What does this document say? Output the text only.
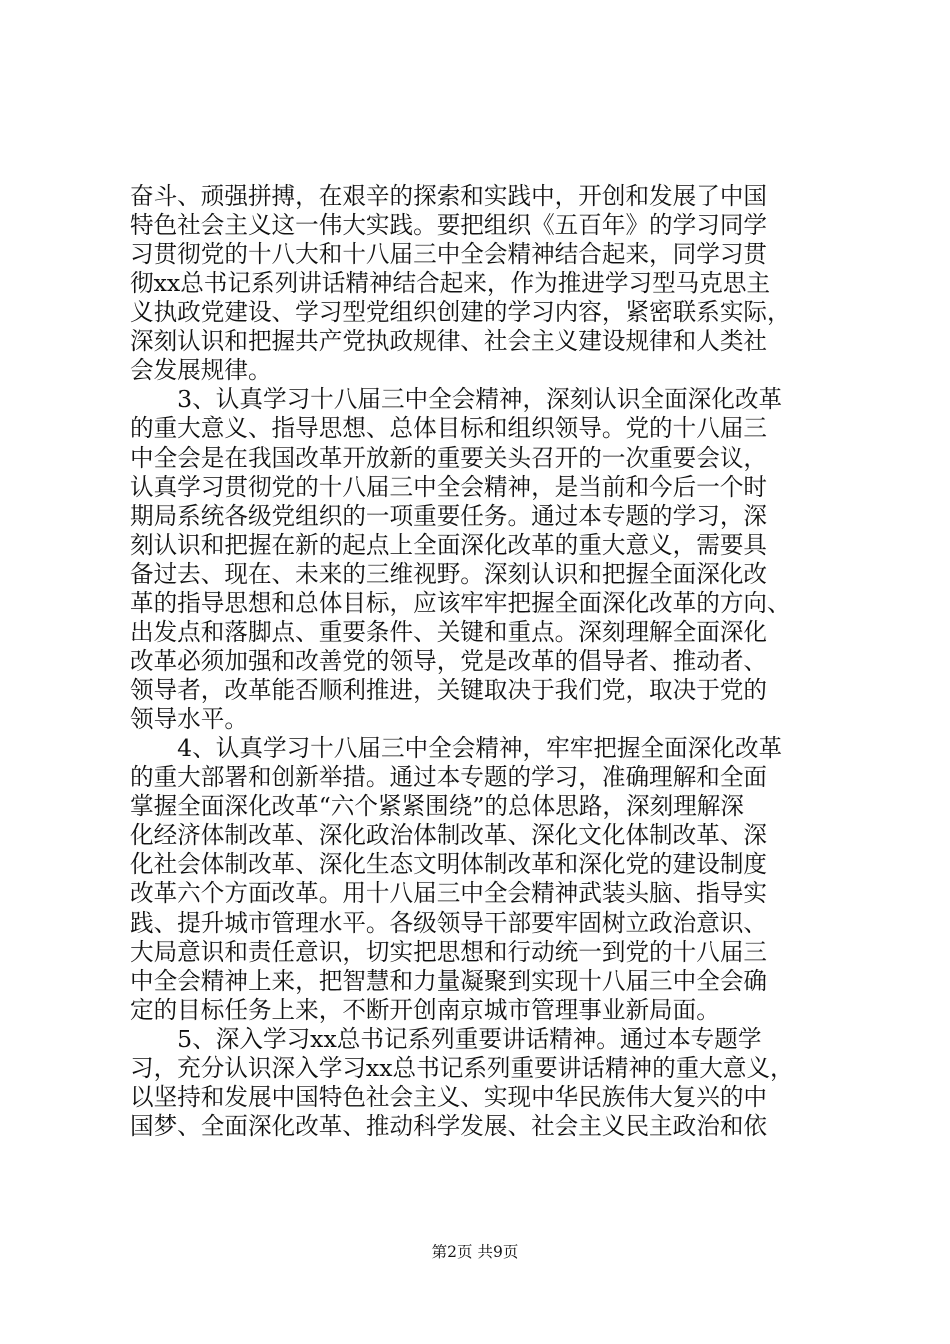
奋斗、顽强拼搏，在艰辛的探索和实践中，开创和发展了中国
特色社会主义这一伟大实践。要把组织《五百年》的学习同学
习贯彻党的十八大和十八届三中全会精神结合起来，同学习贯
彻xx总书记系列讲话精神结合起来，作为推进学习型马克思主
义执政党建设、学习型党组织创建的学习内容，紧密联系实际，
深刻认识和把握共产党执政规律、社会主义建设规律和人类社
会发展规律。
　　3、认真学习十八届三中全会精神，深刻认识全面深化改革
的重大意义、指导思想、总体目标和组织领导。党的十八届三
中全会是在我国改革开放新的重要关头召开的一次重要会议，
认真学习贯彻党的十八届三中全会精神，是当前和今后一个时
期局系统各级党组织的一项重要任务。通过本专题的学习，深
刻认识和把握在新的起点上全面深化改革的重大意义，需要具
备过去、现在、未来的三维视野。深刻认识和把握全面深化改
革的指导思想和总体目标，应该牢牢把握全面深化改革的方向、
出发点和落脚点、重要条件、关键和重点。深刻理解全面深化
改革必须加强和改善党的领导，党是改革的倡导者、推动者、
领导者，改革能否顺利推进，关键取决于我们党，取决于党的
领导水平。
　　4、认真学习十八届三中全会精神，牢牢把握全面深化改革
的重大部署和创新举措。通过本专题的学习，准确理解和全面
掌握全面深化改革“六个紧紧围绕”的总体思路，深刻理解深
化经济体制改革、深化政治体制改革、深化文化体制改革、深
化社会体制改革、深化生态文明体制改革和深化党的建设制度
改革六个方面改革。用十八届三中全会精神武装头脑、指导实
践、提升城市管理水平。各级领导干部要牢固树立政治意识、
大局意识和责任意识，切实把思想和行动统一到党的十八届三
中全会精神上来，把智慧和力量凝聚到实现十八届三中全会确
定的目标任务上来，不断开创南京城市管理事业新局面。
　　5、深入学习xx总书记系列重要讲话精神。通过本专题学
习，充分认识深入学习xx总书记系列重要讲话精神的重大意义，
以坚持和发展中国特色社会主义、实现中华民族伟大复兴的中
国梦、全面深化改革、推动科学发展、社会主义民主政治和依
第2页 共9页
